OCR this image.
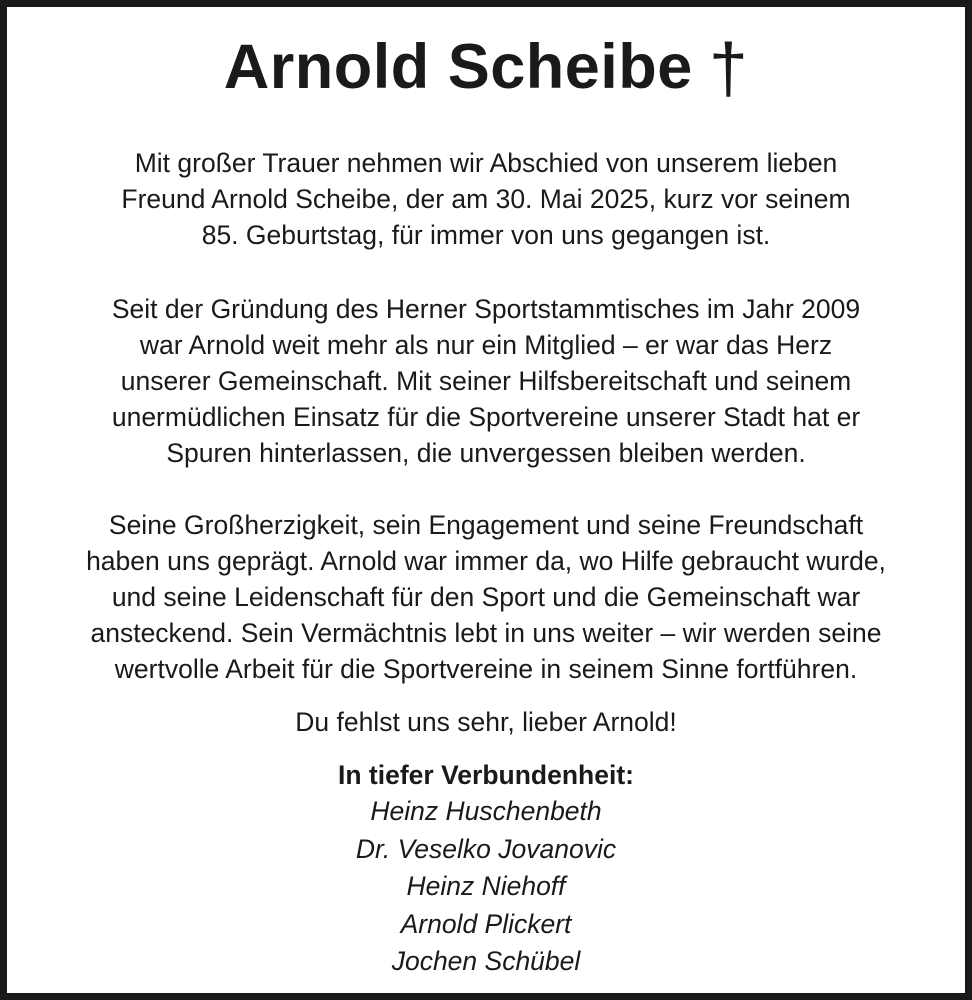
Arnold Scheibe †

Mit großer Trauer nehmen wir Abschied von unserem lieben
Freund Arnold Scheibe, der am 30. Mai 2025, kurz vor seinem
85. Geburtstag, für immer von uns gegangen ist.

Seit der Gründung des Herner Sportstammtisches im Jahr 2009
war Arnold weit mehr als nur ein Mitglied – er war das Herz
unserer Gemeinschaft. Mit seiner Hilfsbereitschaft und seinem
unermüdlichen Einsatz für die Sportvereine unserer Stadt hat er
Spuren hinterlassen, die unvergessen bleiben werden.

Seine Großherzigkeit, sein Engagement und seine Freundschaft
haben uns geprägt. Arnold war immer da, wo Hilfe gebraucht wurde,
und seine Leidenschaft für den Sport und die Gemeinschaft war
ansteckend. Sein Vermächtnis lebt in uns weiter – wir werden seine
wertvolle Arbeit für die Sportvereine in seinem Sinne fortführen.

Du fehlst uns sehr, lieber Arnold!

In tiefer Verbundenheit:
Heinz Huschenbeth
Dr. Veselko Jovanovic
Heinz Niehoff
Arnold Plickert
Jochen Schübel
